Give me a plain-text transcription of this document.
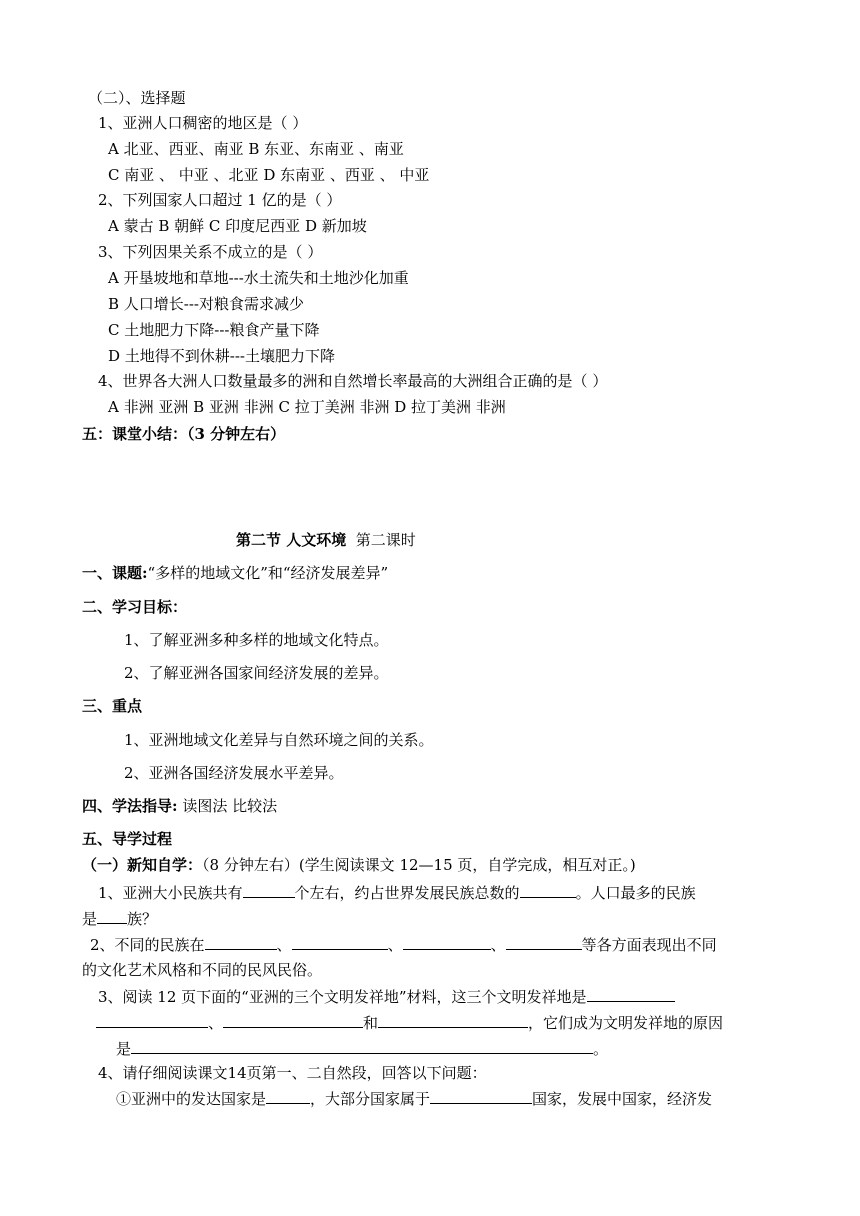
（二）、选择题
1、亚洲人口稠密的地区是（ ）
A 北亚、西亚、南亚 B 东亚、东南亚 、南亚
C 南亚 、 中亚 、北亚 D 东南亚 、西亚 、 中亚
2、下列国家人口超过 1 亿的是（ ）
A 蒙古 B 朝鲜 C 印度尼西亚 D 新加坡
3、下列因果关系不成立的是（ ）
A 开垦坡地和草地---水土流失和土地沙化加重
B 人口增长---对粮食需求减少
C 土地肥力下降---粮食产量下降
D 土地得不到休耕---土壤肥力下降
4、世界各大洲人口数量最多的洲和自然增长率最高的大洲组合正确的是（ ）
A 非洲 亚洲 B 亚洲 非洲 C 拉丁美洲 非洲 D 拉丁美洲 非洲
五：课堂小结：（3 分钟左右）
第二节 人文环境 第二课时
一、课题:“多样的地域文化”和“经济发展差异”
二、学习目标：
1、了解亚洲多种多样的地域文化特点。
2、了解亚洲各国家间经济发展的差异。
三、重点
1、亚洲地域文化差异与自然环境之间的关系。
2、亚洲各国经济发展水平差异。
四、学法指导: 读图法 比较法
五、导学过程
（一）新知自学：（8 分钟左右）(学生阅读课文 12—15 页，自学完成，相互对正。)
1、亚洲大小民族共有	个左右，约占世界发展民族总数的	。人口最多的民族
是 族？
2、不同的民族在	、	、	、	等各方面表现出不同
的文化艺术风格和不同的民风民俗。
3、阅读 12 页下面的“亚洲的三个文明发祥地”材料，这三个文明发祥地是
、	和	，它们成为文明发祥地的原因
是	。
4、请仔细阅读课文14页第一、二自然段，回答以下问题：
①亚洲中的发达国家是	，大部分国家属于	国家，发展中国家，经济发
